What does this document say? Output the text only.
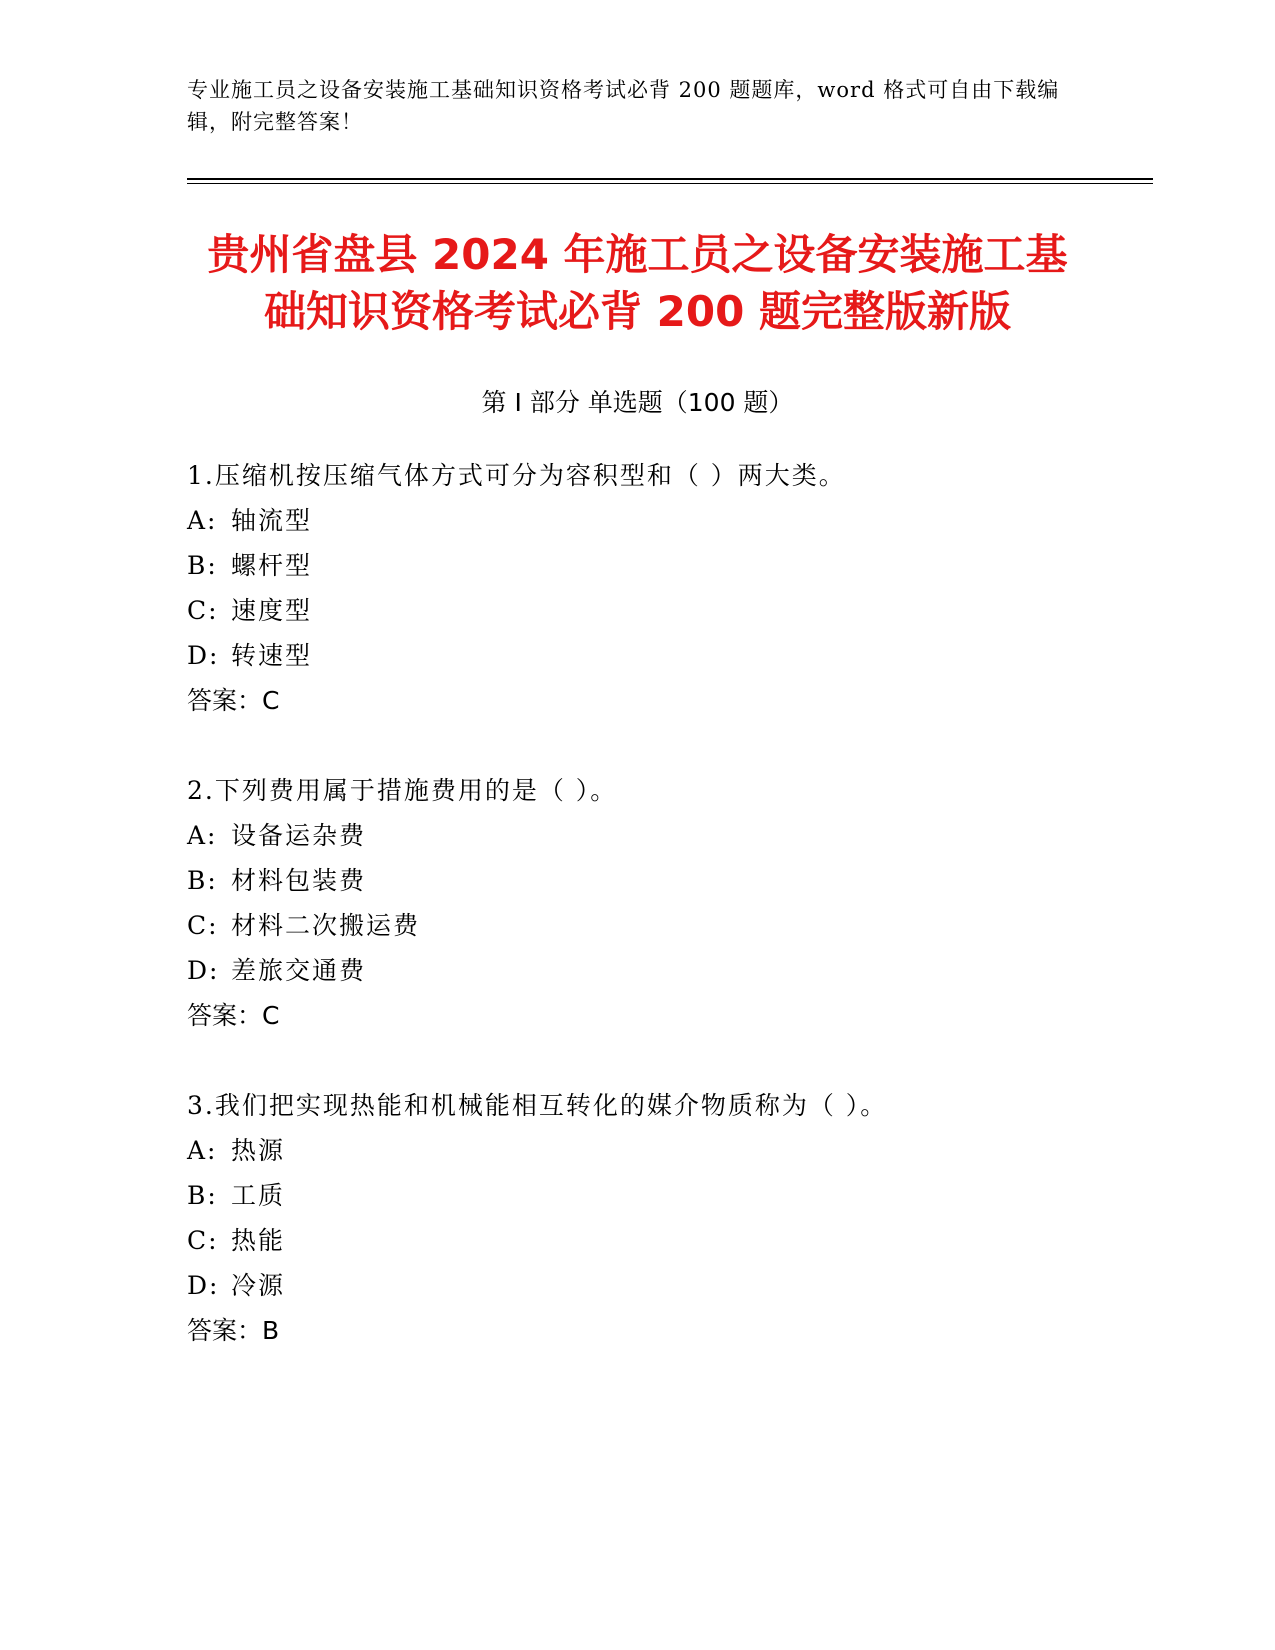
专业施工员之设备安装施工基础知识资格考试必背 200 题题库，word 格式可自由下载编辑，附完整答案！
贵州省盘县 2024 年施工员之设备安装施工基
础知识资格考试必背 200 题完整版新版
第 I 部分 单选题（100 题）
1.压缩机按压缩气体方式可分为容积型和（ ）两大类。
A: 轴流型
B: 螺杆型
C: 速度型
D: 转速型
答案：C
2.下列费用属于措施费用的是（ ）。
A: 设备运杂费
B: 材料包装费
C: 材料二次搬运费
D: 差旅交通费
答案：C
3.我们把实现热能和机械能相互转化的媒介物质称为（ ）。
A: 热源
B: 工质
C: 热能
D: 冷源
答案：B
